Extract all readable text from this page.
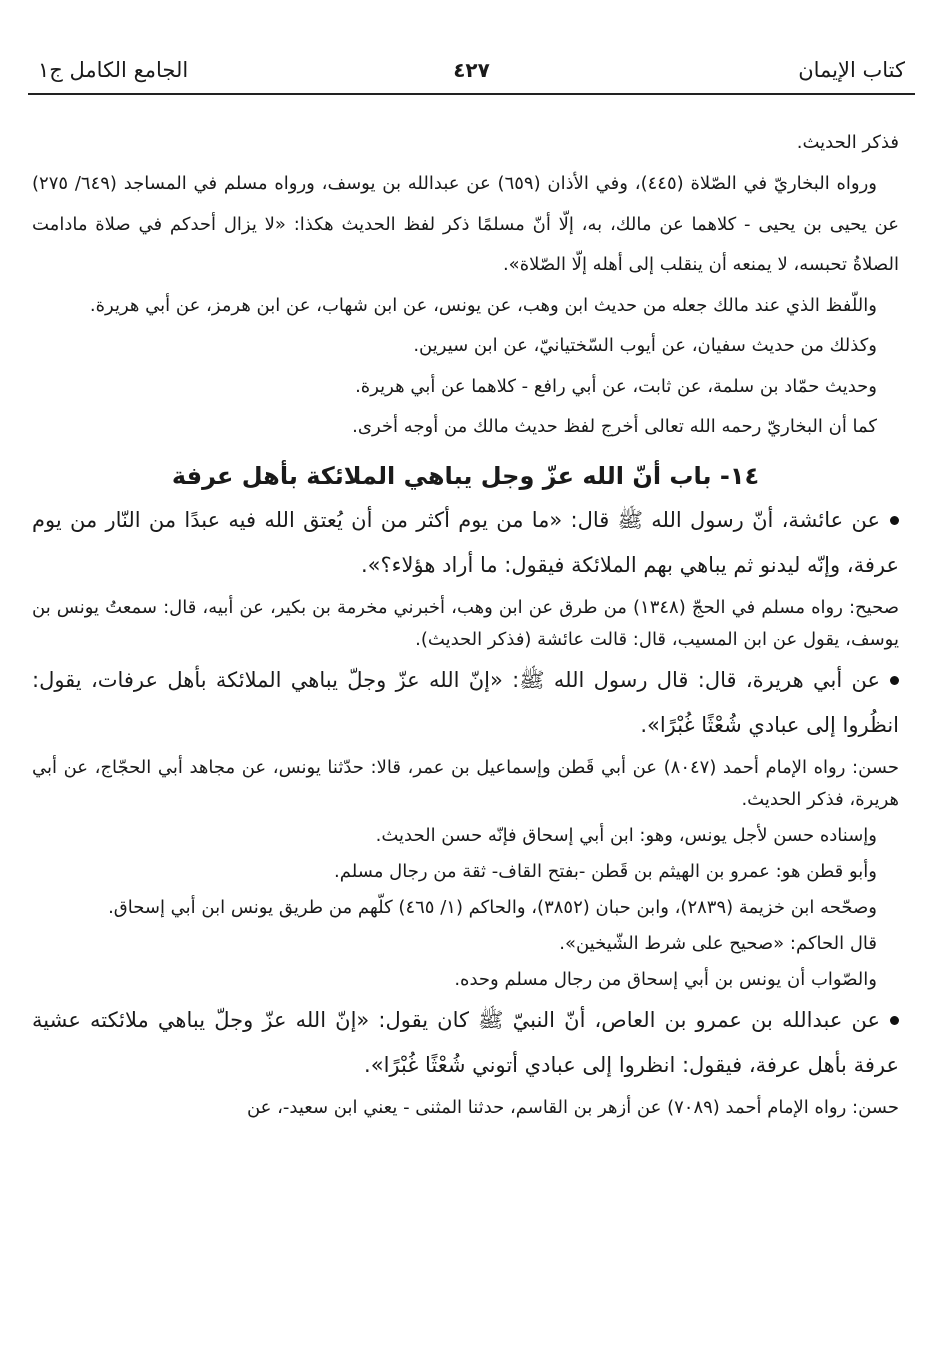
كتاب الإيمان
٤٢٧
الجامع الكامل ج١

فذكر الحديث.

ورواه البخاريّ في الصّلاة (٤٤٥)، وفي الأذان (٦٥٩) عن عبدالله بن يوسف، ورواه مسلم في المساجد (٦٤٩/ ٢٧٥) عن يحيى بن يحيى - كلاهما عن مالك، به، إلّا أنّ مسلمًا ذكر لفظ الحديث هكذا: «لا يزال أحدكم في صلاة مادامت الصلاةُ تحبسه، لا يمنعه أن ينقلب إلى أهله إلّا الصّلاة».

واللّفظ الذي عند مالك جعله من حديث ابن وهب، عن يونس، عن ابن شهاب، عن ابن هرمز، عن أبي هريرة.

وكذلك من حديث سفيان، عن أيوب السّختيانيّ، عن ابن سيرين.

وحديث حمّاد بن سلمة، عن ثابت، عن أبي رافع - كلاهما عن أبي هريرة.

كما أن البخاريّ رحمه الله تعالى أخرج لفظ حديث مالك من أوجه أخرى.

١٤- باب أنّ الله عزّ وجل يباهي الملائكة بأهل عرفة

عن عائشة، أنّ رسول الله ﷺ قال: «ما من يوم أكثر من أن يُعتق الله فيه عبدًا من النّار من يوم عرفة، وإنّه ليدنو ثم يباهي بهم الملائكة فيقول: ما أراد هؤلاء؟».

صحيح: رواه مسلم في الحجّ (١٣٤٨) من طرق عن ابن وهب، أخبرني مخرمة بن بكير، عن أبيه، قال: سمعتُ يونس بن يوسف، يقول عن ابن المسيب، قال: قالت عائشة (فذكر الحديث).

عن أبي هريرة، قال: قال رسول الله ﷺ: «إنّ الله عزّ وجلّ يباهي الملائكة بأهل عرفات، يقول: انظُروا إلى عبادي شُعْثًا غُبْرًا».

حسن: رواه الإمام أحمد (٨٠٤٧) عن أبي قَطن وإسماعيل بن عمر، قالا: حدّثنا يونس، عن مجاهد أبي الحجّاج، عن أبي هريرة، فذكر الحديث.

وإسناده حسن لأجل يونس، وهو: ابن أبي إسحاق فإنّه حسن الحديث.

وأبو قطن هو: عمرو بن الهيثم بن قَطن -بفتح القاف- ثقة من رجال مسلم.

وصحّحه ابن خزيمة (٢٨٣٩)، وابن حبان (٣٨٥٢)، والحاكم (١/ ٤٦٥) كلّهم من طريق يونس ابن أبي إسحاق.

قال الحاكم: «صحيح على شرط الشّيخين».

والصّواب أن يونس بن أبي إسحاق من رجال مسلم وحده.

عن عبدالله بن عمرو بن العاص، أنّ النبيّ ﷺ كان يقول: «إنّ الله عزّ وجلّ يباهي ملائكته عشية عرفة بأهل عرفة، فيقول: انظروا إلى عبادي أتوني شُعْثًا غُبْرًا».

حسن: رواه الإمام أحمد (٧٠٨٩) عن أزهر بن القاسم، حدثنا المثنى - يعني ابن سعيد-، عن
